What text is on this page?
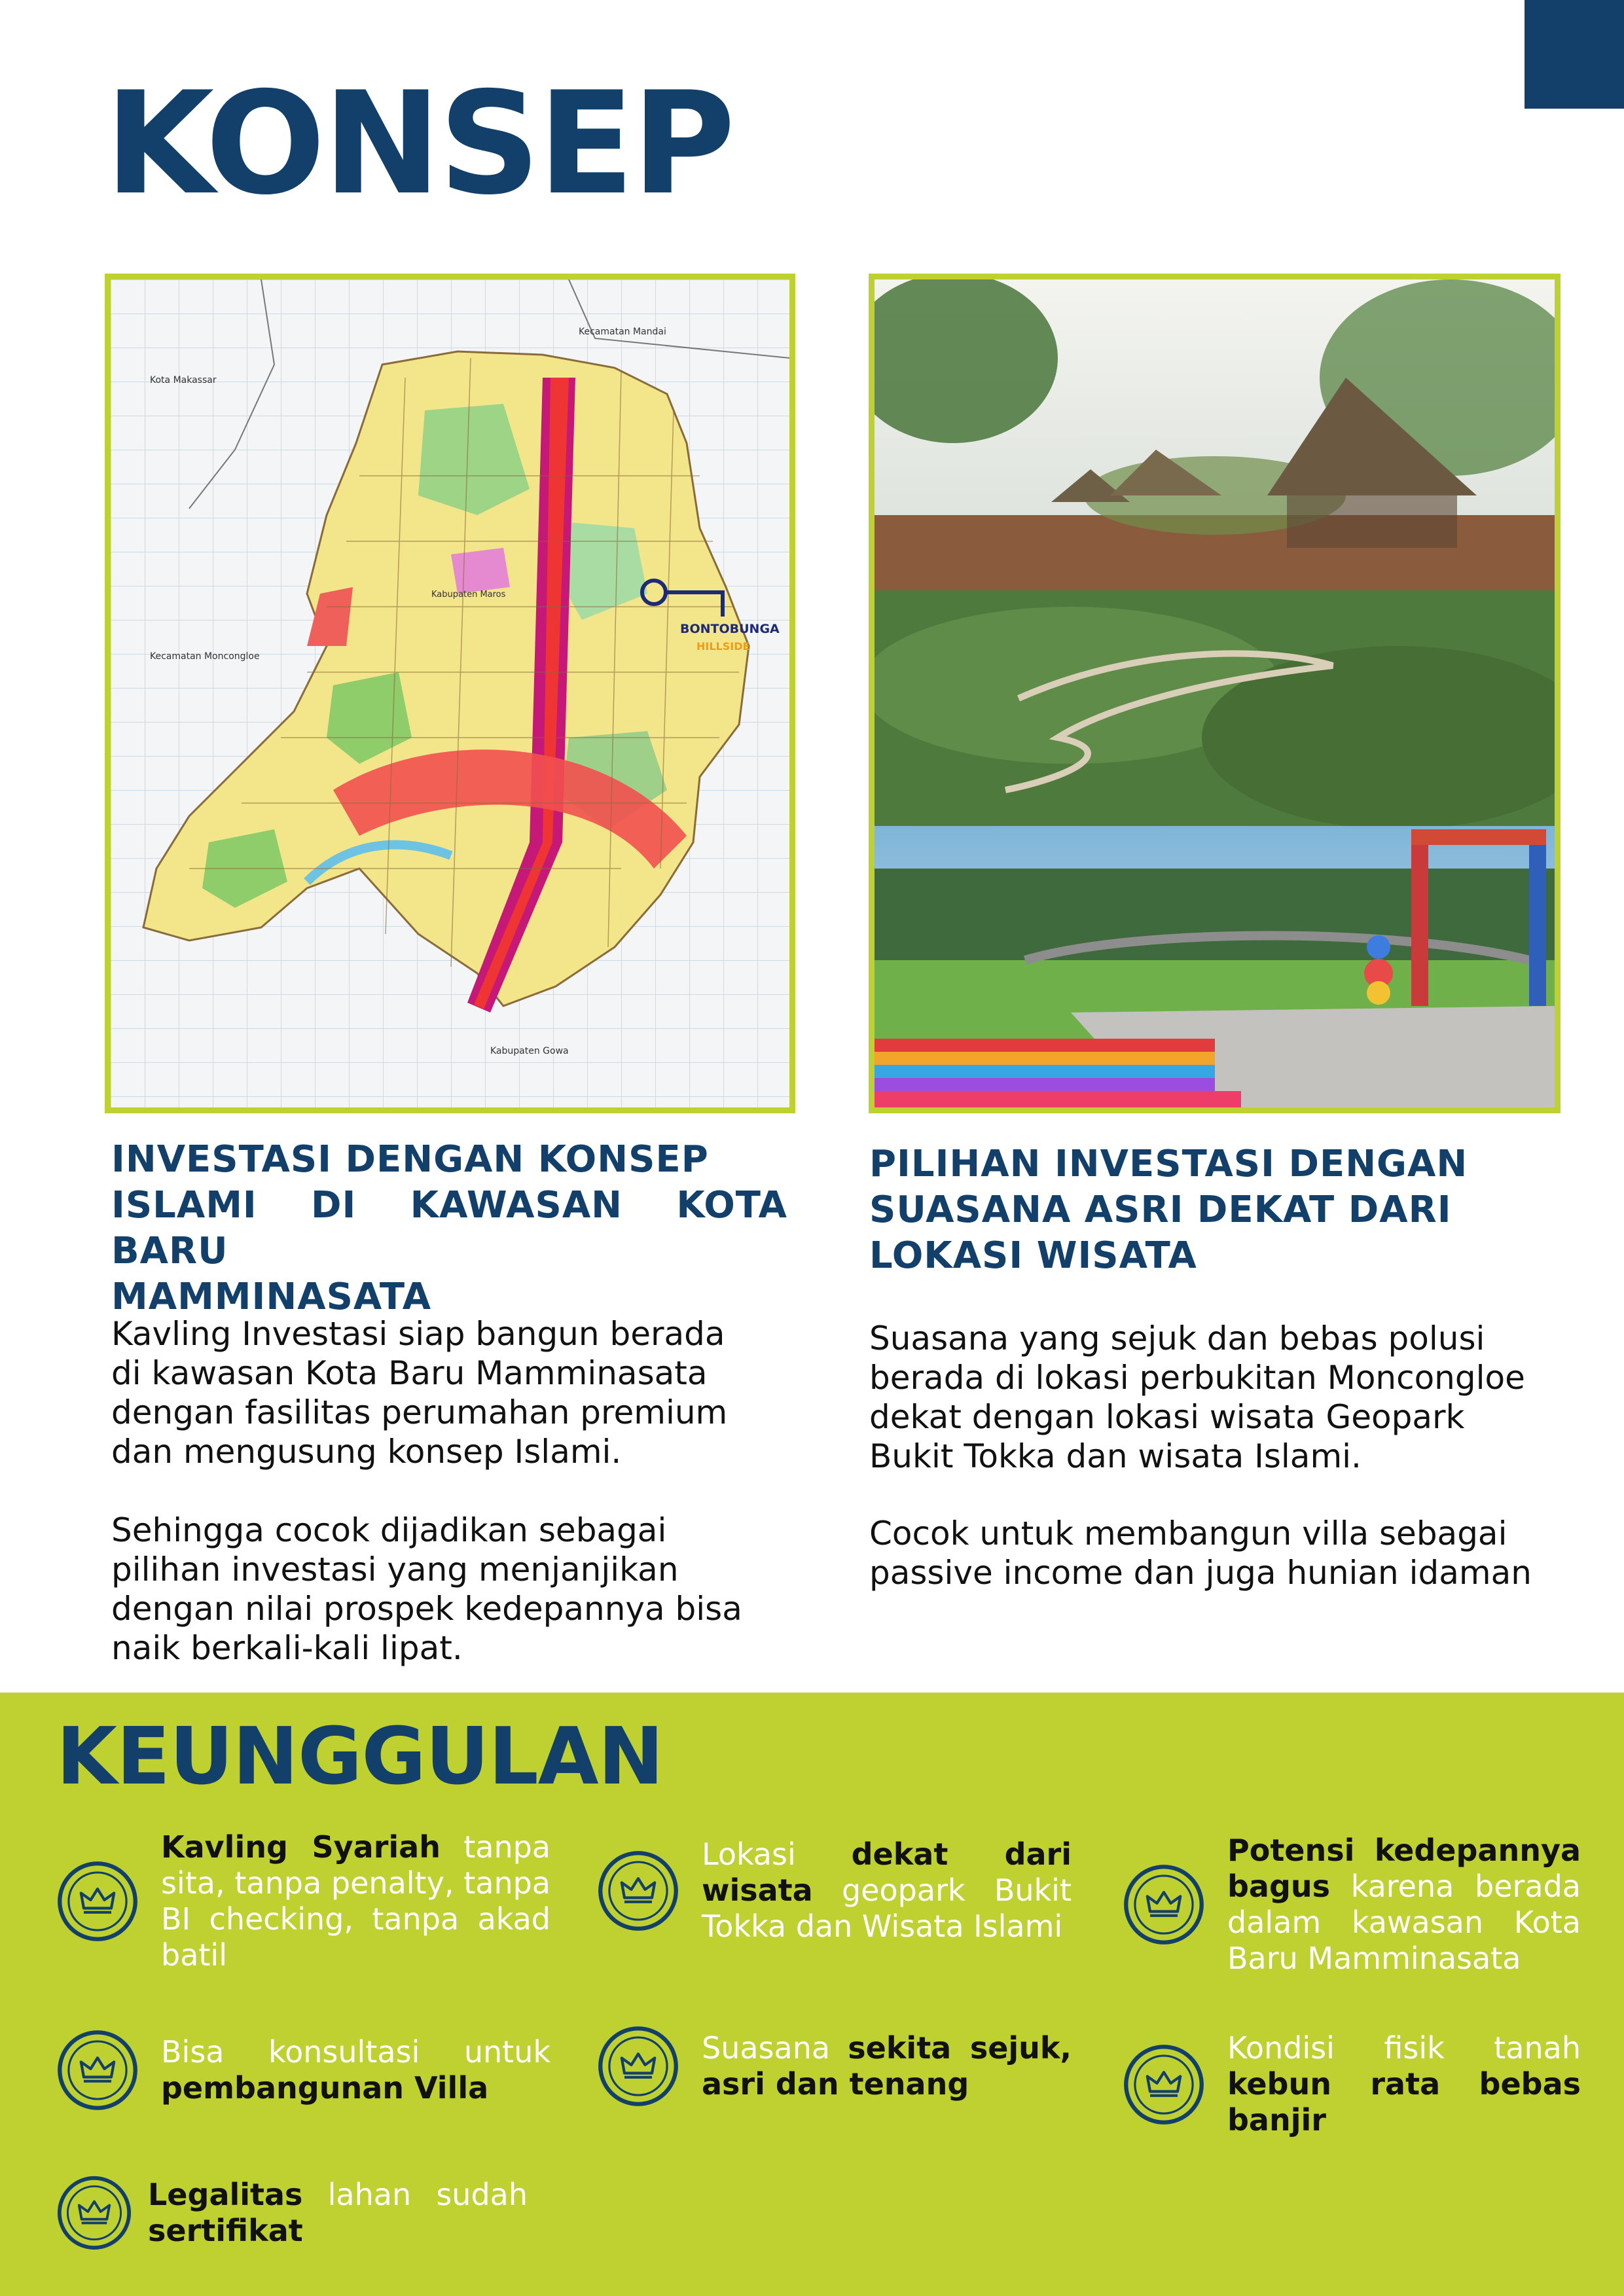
KONSEP
BONTOBUNGA
HILLSIDE
Kecamatan Mandai
Kota Makassar
Kecamatan Moncongloe
Kabupaten Maros
Kabupaten Gowa
INVESTASI DENGAN KONSEP
ISLAMI DI KAWASAN KOTA BARU
MAMMINASATA

Kavling Investasi siap bangun berada
di kawasan Kota Baru Mamminasata
dengan fasilitas perumahan premium
dan mengusung konsep Islami.

Sehingga cocok dijadikan sebagai
pilihan investasi yang menjanjikan
dengan nilai prospek kedepannya bisa
naik berkali-kali lipat.

PILIHAN INVESTASI DENGAN
SUASANA ASRI DEKAT DARI
LOKASI WISATA

Suasana yang sejuk dan bebas polusi
berada di lokasi perbukitan Moncongloe
dekat dengan lokasi wisata Geopark
Bukit Tokka dan wisata Islami.

Cocok untuk membangun villa sebagai
passive income dan juga hunian idaman

KEUNGGULAN

Kavling Syariah tanpa sita, tanpa penalty, tanpa BI checking, tanpa akad batil

Lokasi dekat dari wisata geopark Bukit Tokka dan Wisata Islami

Potensi kedepannya bagus karena berada dalam kawasan Kota Baru Mamminasata

Bisa konsultasi untuk pembangunan Villa

Suasana sekita sejuk, asri dan tenang

Kondisi fisik tanah kebun rata bebas banjir

Legalitas lahan sudah sertifikat
